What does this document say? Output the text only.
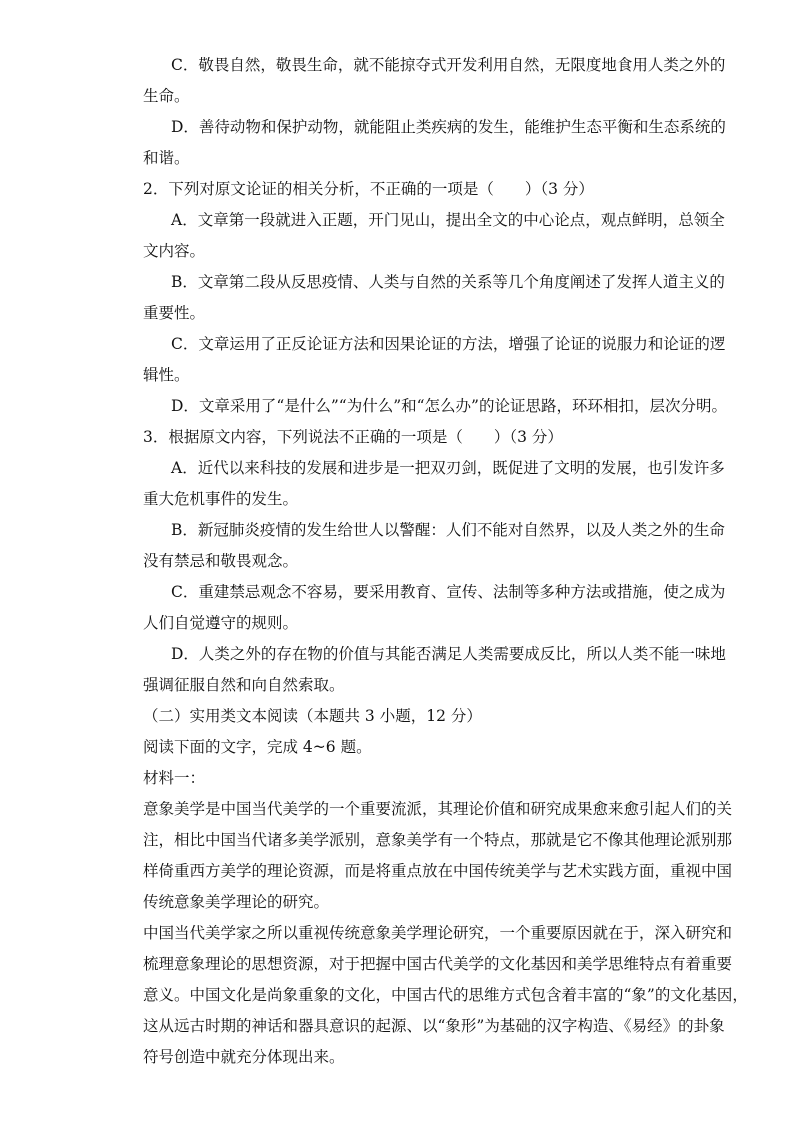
C．敬畏自然，敬畏生命，就不能掠夺式开发利用自然，无限度地食用人类之外的
生命。
D．善待动物和保护动物，就能阻止类疾病的发生，能维护生态平衡和生态系统的
和谐。
2．下列对原文论证的相关分析，不正确的一项是（　　）（3 分）
A．文章第一段就进入正题，开门见山，提出全文的中心论点，观点鲜明，总领全
文内容。
B．文章第二段从反思疫情、人类与自然的关系等几个角度阐述了发挥人道主义的
重要性。
C．文章运用了正反论证方法和因果论证的方法，增强了论证的说服力和论证的逻
辑性。
D．文章采用了“是什么”“为什么”和“怎么办”的论证思路，环环相扣，层次分明。
3．根据原文内容，下列说法不正确的一项是（　　）（3 分）
A．近代以来科技的发展和进步是一把双刃剑，既促进了文明的发展，也引发许多
重大危机事件的发生。
B．新冠肺炎疫情的发生给世人以警醒：人们不能对自然界，以及人类之外的生命
没有禁忌和敬畏观念。
C．重建禁忌观念不容易，要采用教育、宣传、法制等多种方法或措施，使之成为
人们自觉遵守的规则。
D．人类之外的存在物的价值与其能否满足人类需要成反比，所以人类不能一味地
强调征服自然和向自然索取。
（二）实用类文本阅读（本题共 3 小题，12 分）
阅读下面的文字，完成 4~6 题。
材料一：
意象美学是中国当代美学的一个重要流派，其理论价值和研究成果愈来愈引起人们的关
注，相比中国当代诸多美学派别，意象美学有一个特点，那就是它不像其他理论派别那
样倚重西方美学的理论资源，而是将重点放在中国传统美学与艺术实践方面，重视中国
传统意象美学理论的研究。
中国当代美学家之所以重视传统意象美学理论研究，一个重要原因就在于，深入研究和
梳理意象理论的思想资源，对于把握中国古代美学的文化基因和美学思维特点有着重要
意义。中国文化是尚象重象的文化，中国古代的思维方式包含着丰富的“象”的文化基因，
这从远古时期的神话和器具意识的起源、以“象形”为基础的汉字构造、《易经》的卦象
符号创造中就充分体现出来。
